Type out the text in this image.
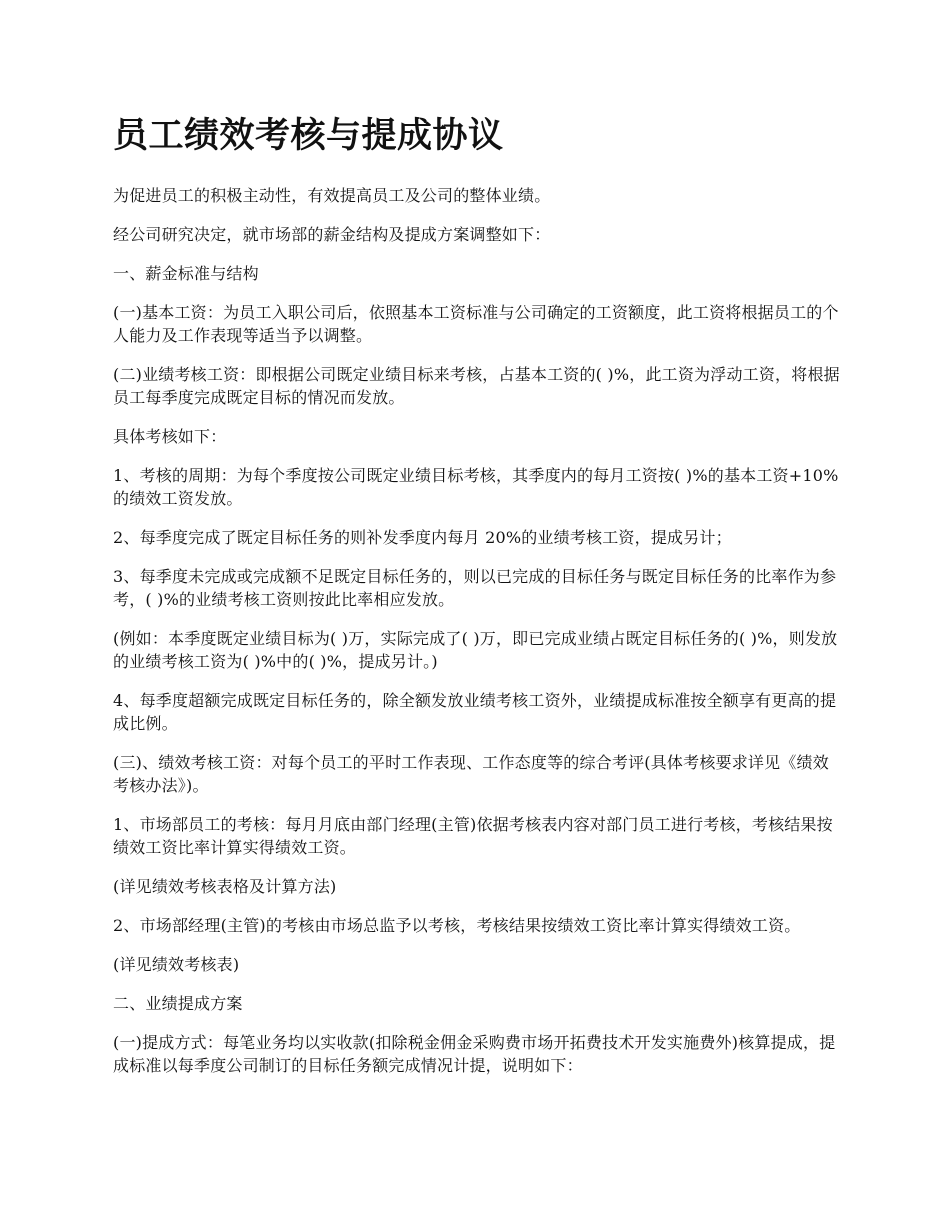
员工绩效考核与提成协议

为促进员工的积极主动性，有效提高员工及公司的整体业绩。

经公司研究决定，就市场部的薪金结构及提成方案调整如下：

一、薪金标准与结构

(一)基本工资：为员工入职公司后，依照基本工资标准与公司确定的工资额度，此工资将根据员工的个人能力及工作表现等适当予以调整。

(二)业绩考核工资：即根据公司既定业绩目标来考核，占基本工资的( )%，此工资为浮动工资，将根据员工每季度完成既定目标的情况而发放。

具体考核如下：

1、考核的周期：为每个季度按公司既定业绩目标考核，其季度内的每月工资按( )%的基本工资+10%的绩效工资发放。

2、每季度完成了既定目标任务的则补发季度内每月 20%的业绩考核工资，提成另计；

3、每季度未完成或完成额不足既定目标任务的，则以已完成的目标任务与既定目标任务的比率作为参考，( )%的业绩考核工资则按此比率相应发放。

(例如：本季度既定业绩目标为( )万，实际完成了( )万，即已完成业绩占既定目标任务的( )%，则发放的业绩考核工资为( )%中的( )%，提成另计。)

4、每季度超额完成既定目标任务的，除全额发放业绩考核工资外，业绩提成标准按全额享有更高的提成比例。

(三)、绩效考核工资：对每个员工的平时工作表现、工作态度等的综合考评(具体考核要求详见《绩效考核办法》)。

1、市场部员工的考核：每月月底由部门经理(主管)依据考核表内容对部门员工进行考核，考核结果按绩效工资比率计算实得绩效工资。

(详见绩效考核表格及计算方法)

2、市场部经理(主管)的考核由市场总监予以考核，考核结果按绩效工资比率计算实得绩效工资。

(详见绩效考核表)

二、业绩提成方案

(一)提成方式：每笔业务均以实收款(扣除税金佣金采购费市场开拓费技术开发实施费外)核算提成，提成标准以每季度公司制订的目标任务额完成情况计提，说明如下：
